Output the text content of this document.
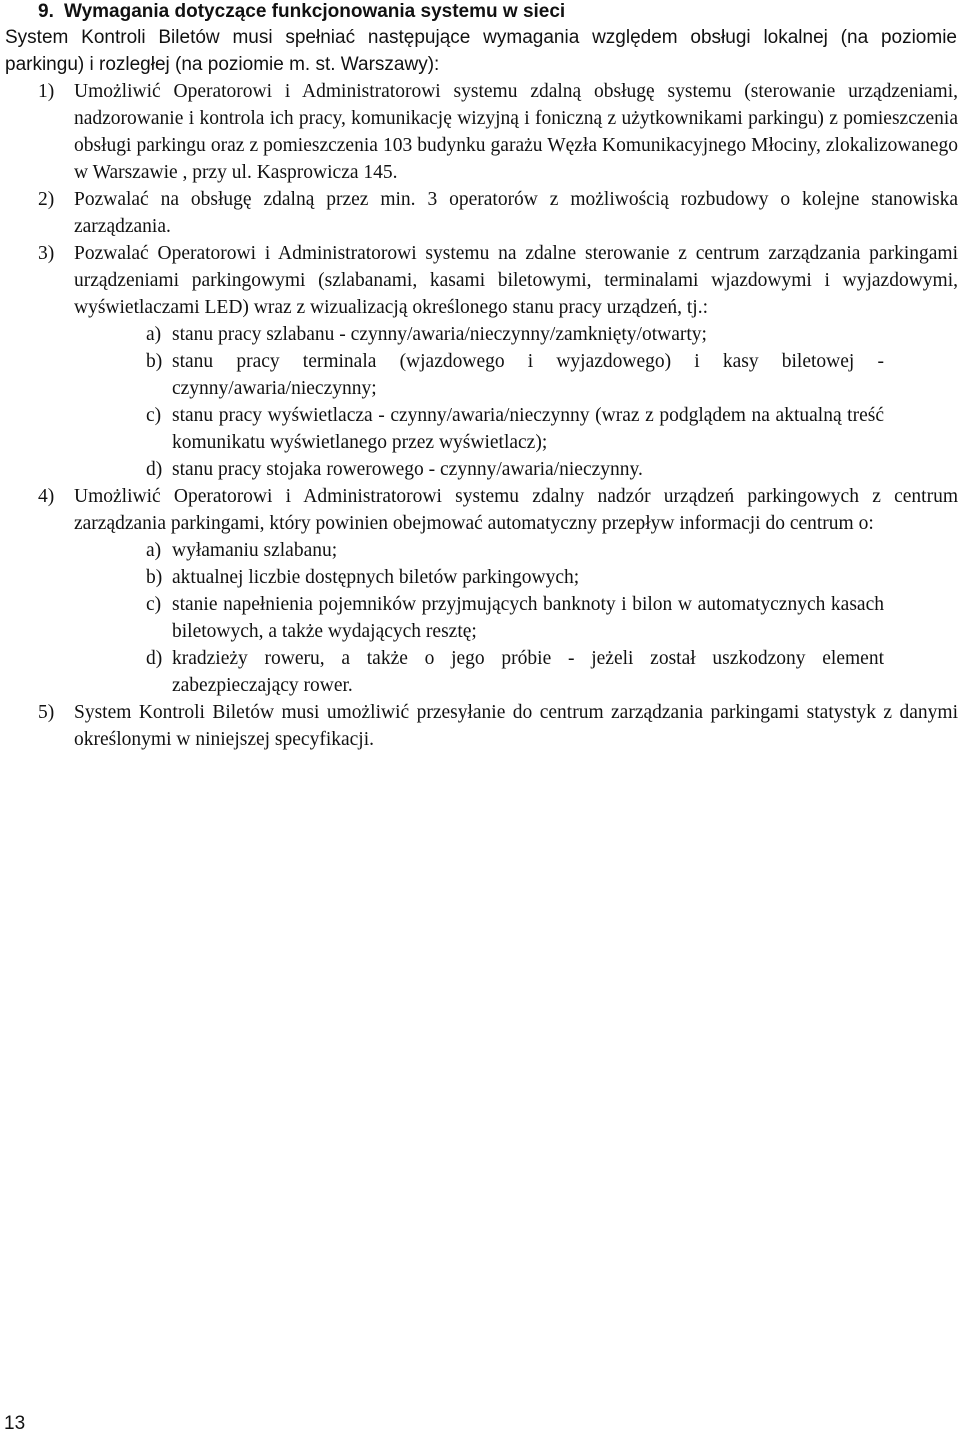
9. Wymagania dotyczące funkcjonowania systemu w sieci
System Kontroli Biletów musi spełniać następujące wymagania względem obsługi lokalnej (na poziomie parkingu) i rozległej (na poziomie m. st. Warszawy):
1) Umożliwić Operatorowi i Administratorowi systemu zdalną obsługę systemu (sterowanie urządzeniami, nadzorowanie i kontrola ich pracy, komunikację wizyjną i foniczną z użytkownikami parkingu) z pomieszczenia obsługi parkingu oraz z pomieszczenia 103 budynku garażu Węzła Komunikacyjnego Młociny, zlokalizowanego w Warszawie , przy ul. Kasprowicza 145.

2) Pozwalać na obsługę zdalną przez min. 3 operatorów z możliwością rozbudowy o kolejne stanowiska zarządzania.

3) Pozwalać Operatorowi i Administratorowi systemu na zdalne sterowanie z centrum zarządzania parkingami urządzeniami parkingowymi (szlabanami, kasami biletowymi, terminalami wjazdowymi i wyjazdowymi, wyświetlaczami LED) wraz z wizualizacją określonego stanu pracy urządzeń, tj.:

a) stanu pracy szlabanu - czynny/awaria/nieczynny/zamknięty/otwarty;
b) stanu pracy terminala (wjazdowego i wyjazdowego) i kasy biletowej - czynny/awaria/nieczynny;
c) stanu pracy wyświetlacza - czynny/awaria/nieczynny (wraz z podglądem na aktualną treść komunikatu wyświetlanego przez wyświetlacz);
d) stanu pracy stojaka rowerowego - czynny/awaria/nieczynny.
4) Umożliwić Operatorowi i Administratorowi systemu zdalny nadzór urządzeń parkingowych z centrum zarządzania parkingami, który powinien obejmować automatyczny przepływ informacji do centrum o:

a) wyłamaniu szlabanu;
b) aktualnej liczbie dostępnych biletów parkingowych;
c) stanie napełnienia pojemników przyjmujących banknoty i bilon w automatycznych kasach biletowych, a także wydających resztę;
d) kradzieży roweru, a także o jego próbie - jeżeli został uszkodzony element zabezpieczający rower.
5) System Kontroli Biletów musi umożliwić przesyłanie do centrum zarządzania parkingami statystyk z danymi określonymi w niniejszej specyfikacji.

13
